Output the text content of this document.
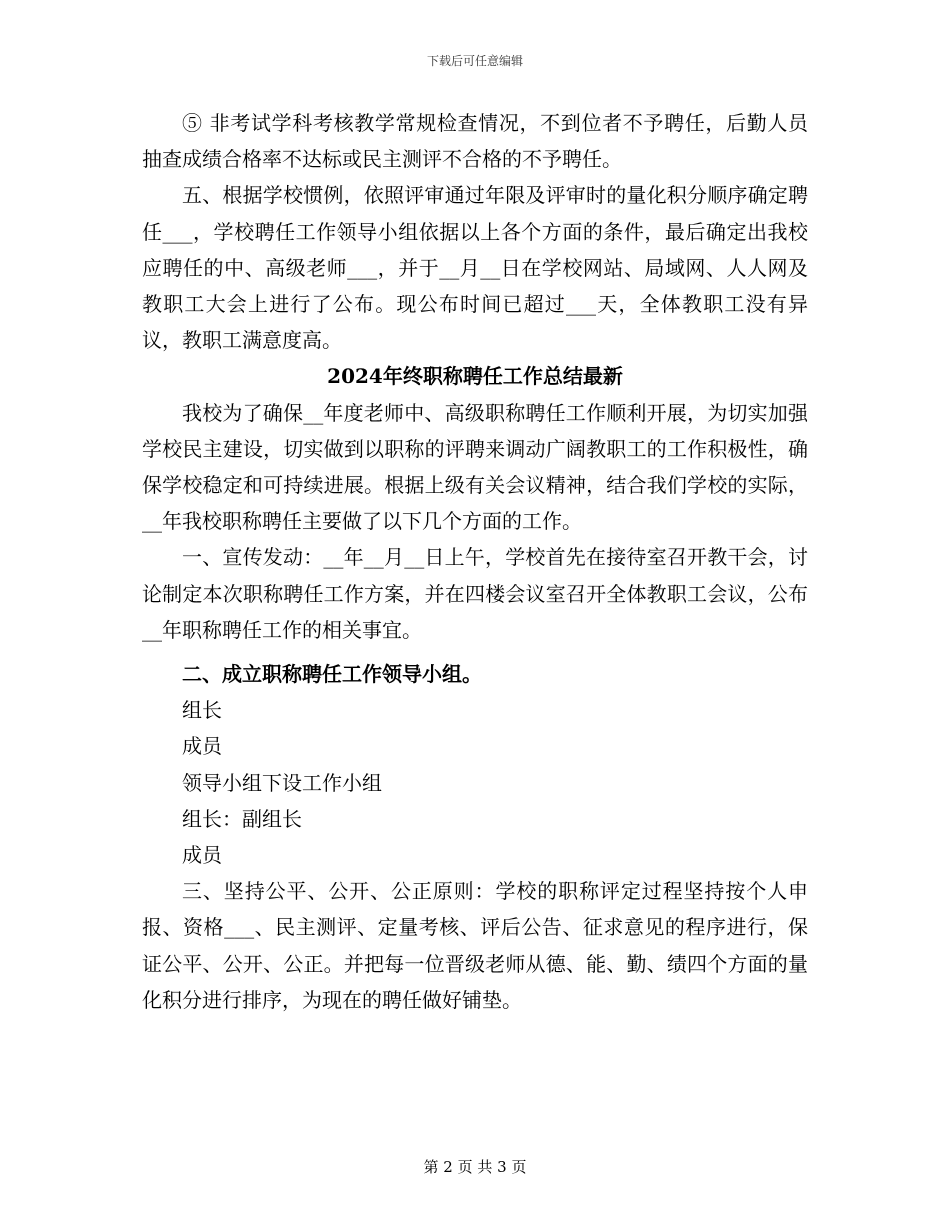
下载后可任意编辑

⑤ 非考试学科考核教学常规检查情况，不到位者不予聘任，后勤人员抽查成绩合格率不达标或民主测评不合格的不予聘任。

五、根据学校惯例，依照评审通过年限及评审时的量化积分顺序确定聘任___，学校聘任工作领导小组依据以上各个方面的条件，最后确定出我校应聘任的中、高级老师___，并于__月__日在学校网站、局域网、人人网及教职工大会上进行了公布。现公布时间已超过___天，全体教职工没有异议，教职工满意度高。

2024年终职称聘任工作总结最新

我校为了确保__年度老师中、高级职称聘任工作顺利开展，为切实加强学校民主建设，切实做到以职称的评聘来调动广阔教职工的工作积极性，确保学校稳定和可持续进展。根据上级有关会议精神，结合我们学校的实际，__年我校职称聘任主要做了以下几个方面的工作。

一、宣传发动：__年__月__日上午，学校首先在接待室召开教干会，讨论制定本次职称聘任工作方案，并在四楼会议室召开全体教职工会议，公布__年职称聘任工作的相关事宜。

二、成立职称聘任工作领导小组。

组长

成员

领导小组下设工作小组

组长：副组长

成员

三、坚持公平、公开、公正原则：学校的职称评定过程坚持按个人申报、资格___、民主测评、定量考核、评后公告、征求意见的程序进行，保证公平、公开、公正。并把每一位晋级老师从德、能、勤、绩四个方面的量化积分进行排序，为现在的聘任做好铺垫。

第 2 页 共 3 页
